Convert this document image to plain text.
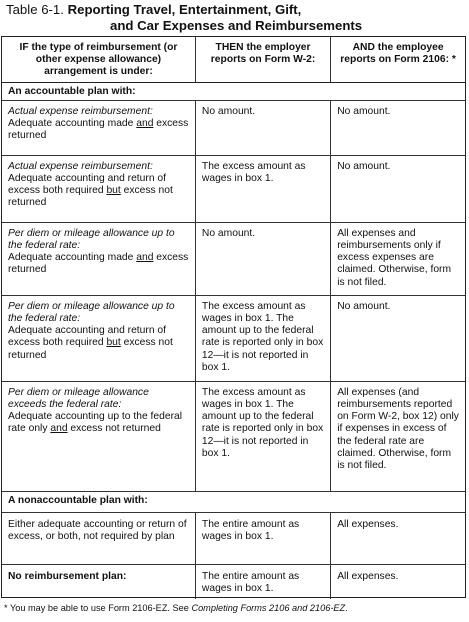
Table 6-1. Reporting Travel, Entertainment, Gift,
and Car Expenses and Reimbursements
IF the type of reimbursement (or other expense allowance) arrangement is under:	THEN the employer reports on Form W-2:	AND the employee reports on Form 2106: *
An accountable plan with:		

Actual expense reimbursement:
Adequate accounting made and excess returned	No amount.	No amount.

Actual expense reimbursement:
Adequate accounting and return of excess both required but excess not returned	The excess amount as wages in box 1.	No amount.

Per diem or mileage allowance up to the federal rate:
Adequate accounting made and excess returned	No amount.	All expenses and reimbursements only if excess expenses are claimed. Otherwise, form is not filed.

Per diem or mileage allowance up to the federal rate:
Adequate accounting and return of excess both required but excess not returned	The excess amount as wages in box 1. The amount up to the federal rate is reported only in box 12—it is not reported in box 1.	No amount.

Per diem or mileage allowance exceeds the federal rate:
Adequate accounting up to the federal rate only and excess not returned	The excess amount as wages in box 1. The amount up to the federal rate is reported only in box 12—it is not reported in box 1.	All expenses (and reimbursements reported on Form W-2, box 12) only if expenses in excess of the federal rate are claimed. Otherwise, form is not filed.
A nonaccountable plan with:		
Either adequate accounting or return of excess, or both, not required by plan	The entire amount as wages in box 1.	All expenses.
No reimbursement plan:	The entire amount as wages in box 1.	All expenses.
* You may be able to use Form 2106-EZ. See Completing Forms 2106 and 2106-EZ.
